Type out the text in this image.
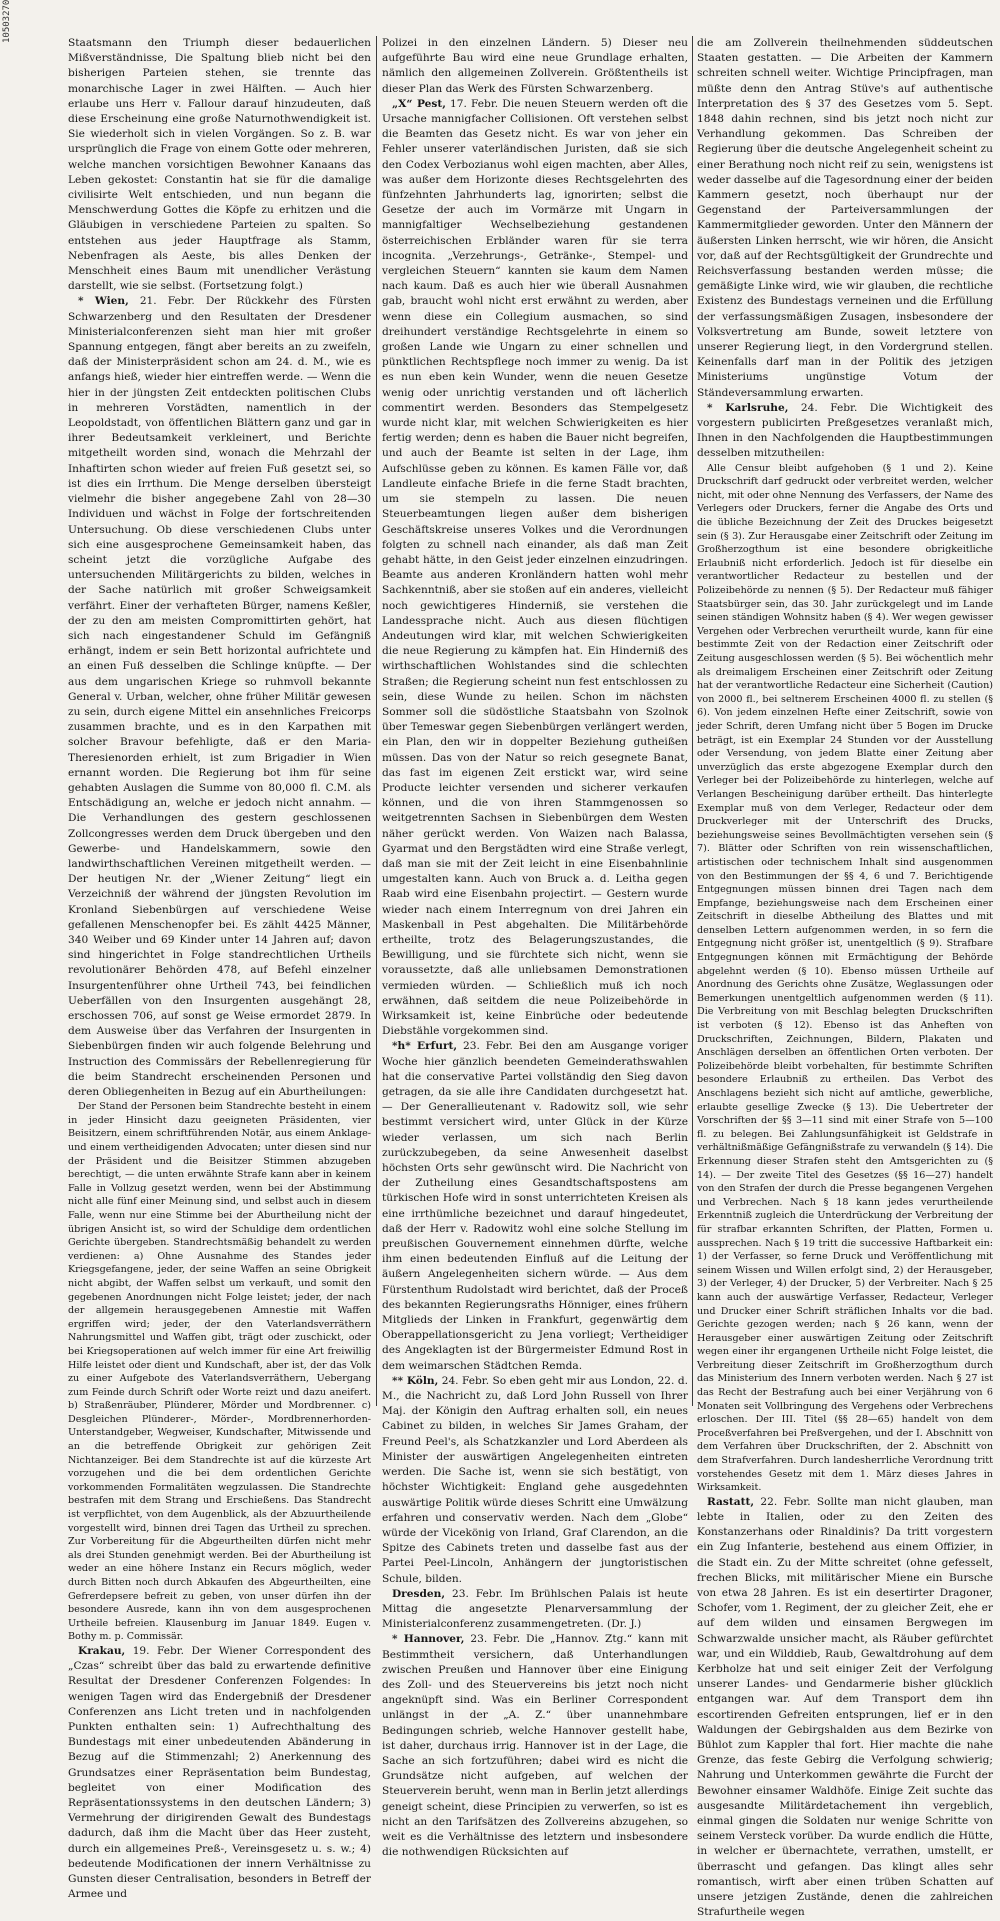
10503270	Staatsmann den Triumph dieser bedauerlichen Mißverständnisse, Die Spaltung blieb nicht bei den bisherigen Parteien stehen, sie trennte das monarchische Lager in zwei Hälften. — Auch hier erlaube uns Herr v. Fallour darauf hinzudeuten, daß diese Erscheinung eine große Naturnothwendigkeit ist. Sie wiederholt sich in vielen Vorgängen. So z. B. war ursprünglich die Frage von einem Gotte oder mehreren, welche manchen vorsichtigen Bewohner Kanaans das Leben gekostet: Constantin hat sie für die damalige civilisirte Welt entschieden, und nun begann die Menschwerdung Gottes die Köpfe zu erhitzen und die Gläubigen in verschiedene Parteien zu spalten. So entstehen aus jeder Hauptfrage als Stamm, Nebenfragen als Aeste, bis alles Denken der Menschheit eines Baum mit unendlicher Verästung darstellt, wie sie selbst. (Fortsetzung folgt.)

* Wien, 21. Febr. Der Rückkehr des Fürsten Schwarzenberg und den Resultaten der Dresdener Ministerialconferenzen sieht man hier mit großer Spannung entgegen, fängt aber bereits an zu zweifeln, daß der Ministerpräsident schon am 24. d. M., wie es anfangs hieß, wieder hier eintreffen werde. — Wenn die hier in der jüngsten Zeit entdeckten politischen Clubs in mehreren Vorstädten, namentlich in der Leopoldstadt, von öffentlichen Blättern ganz und gar in ihrer Bedeutsamkeit verkleinert, und Berichte mitgetheilt worden sind, wonach die Mehrzahl der Inhaftirten schon wieder auf freien Fuß gesetzt sei, so ist dies ein Irrthum. Die Menge derselben übersteigt vielmehr die bisher angegebene Zahl von 28—30 Individuen und wächst in Folge der fortschreitenden Untersuchung. Ob diese verschiedenen Clubs unter sich eine ausgesprochene Gemeinsamkeit haben, das scheint jetzt die vorzügliche Aufgabe des untersuchenden Militärgerichts zu bilden, welches in der Sache natürlich mit großer Schweigsamkeit verfährt. Einer der verhafteten Bürger, namens Keßler, der zu den am meisten Compromittirten gehört, hat sich nach eingestandener Schuld im Gefängniß erhängt, indem er sein Bett horizontal aufrichtete und an einen Fuß desselben die Schlinge knüpfte. — Der aus dem ungarischen Kriege so ruhmvoll bekannte General v. Urban, welcher, ohne früher Militär gewesen zu sein, durch eigene Mittel ein ansehnliches Freicorps zusammen brachte, und es in den Karpathen mit solcher Bravour befehligte, daß er den Maria-Theresienorden erhielt, ist zum Brigadier in Wien ernannt worden. Die Regierung bot ihm für seine gehabten Auslagen die Summe von 80,000 fl. C.M. als Entschädigung an, welche er jedoch nicht annahm. — Die Verhandlungen des gestern geschlossenen Zollcongresses werden dem Druck übergeben und den Gewerbe- und Handelskammern, sowie den landwirthschaftlichen Vereinen mitgetheilt werden. — Der heutigen Nr. der „Wiener Zeitung“ liegt ein Verzeichniß der während der jüngsten Revolution im Kronland Siebenbürgen auf verschiedene Weise gefallenen Menschenopfer bei. Es zählt 4425 Männer, 340 Weiber und 69 Kinder unter 14 Jahren auf; davon sind hingerichtet in Folge standrechtlichen Urtheils revolutionärer Behörden 478, auf Befehl einzelner Insurgentenführer ohne Urtheil 743, bei feindlichen Ueberfällen von den Insurgenten ausgehängt 28, erschossen 706, auf sonst ge Weise ermordet 2879. In dem Ausweise über das Verfahren der Insurgenten in Siebenbürgen finden wir auch folgende Belehrung und Instruction des Commissärs der Rebellenregierung für die beim Standrecht erscheinenden Personen und deren Obliegenheiten in Bezug auf ein Aburtheilungen:

Der Stand der Personen beim Standrechte besteht in einem in jeder Hinsicht dazu geeigneten Präsidenten, vier Beisitzern, einem schriftführenden Notär, aus einem Anklage- und einem vertheidigenden Advocaten; unter diesen sind nur der Präsident und die Beisitzer Stimmen abzugeben berechtigt, — die unten erwähnte Strafe kann aber in keinem Falle in Vollzug gesetzt werden, wenn bei der Abstimmung nicht alle fünf einer Meinung sind, und selbst auch in diesem Falle, wenn nur eine Stimme bei der Aburtheilung nicht der übrigen Ansicht ist, so wird der Schuldige dem ordentlichen Gerichte übergeben. Standrechtsmäßig behandelt zu werden verdienen: a) Ohne Ausnahme des Standes jeder Kriegsgefangene, jeder, der seine Waffen an seine Obrigkeit nicht abgibt, der Waffen selbst um verkauft, und somit den gegebenen Anordnungen nicht Folge leistet; jeder, der nach der allgemein herausgegebenen Amnestie mit Waffen ergriffen wird; jeder, der den Vaterlandsverräthern Nahrungsmittel und Waffen gibt, trägt oder zuschickt, oder bei Kriegsoperationen auf welch immer für eine Art freiwillig Hilfe leistet oder dient und Kundschaft, aber ist, der das Volk zu einer Aufgebote des Vaterlandsverräthern, Uebergang zum Feinde durch Schrift oder Worte reizt und dazu aneifert. b) Straßenräuber, Plünderer, Mörder und Mordbrenner. c) Desgleichen Plünderer-, Mörder-, Mordbrennerhorden-Unterstandgeber, Wegweiser, Kundschafter, Mitwissende und an die betreffende Obrigkeit zur gehörigen Zeit Nichtanzeiger. Bei dem Standrechte ist auf die kürzeste Art vorzugehen und die bei dem ordentlichen Gerichte vorkommenden Formalitäten wegzulassen. Die Standrechte bestrafen mit dem Strang und Erschießens. Das Standrecht ist verpflichtet, von dem Augenblick, als der Abzuurtheilende vorgestellt wird, binnen drei Tagen das Urtheil zu sprechen. Zur Vorbereitung für die Abgeurtheilten dürfen nicht mehr als drei Stunden genehmigt werden. Bei der Aburtheilung ist weder an eine höhere Instanz ein Recurs möglich, weder durch Bitten noch durch Abkaufen des Abgeurtheilten, eine Gefrerdepsere befreit zu geben, von unser dürfen ihn der besondere Ausrede, kann ihn von dem ausgesprochenen Urtheile befreien. Klausenburg im Januar 1849. Eugen v. Bothy m. p. Commissär.

Krakau, 19. Febr. Der Wiener Correspondent des „Czas“ schreibt über das bald zu erwartende definitive Resultat der Dresdener Conferenzen Folgendes: In wenigen Tagen wird das Endergebniß der Dresdener Conferenzen ans Licht treten und in nachfolgenden Punkten enthalten sein: 1) Aufrechthaltung des Bundestags mit einer unbedeutenden Abänderung in Bezug auf die Stimmenzahl; 2) Anerkennung des Grundsatzes einer Repräsentation beim Bundestag, begleitet von einer Modification des Repräsentationssystems in den deutschen Ländern; 3) Vermehrung der dirigirenden Gewalt des Bundestags dadurch, daß ihm die Macht über das Heer zusteht, durch ein allgemeines Preß-, Vereinsgesetz u. s. w.; 4) bedeutende Modificationen der innern Verhältnisse zu Gunsten dieser Centralisation, besonders in Betreff der Armee und

Polizei in den einzelnen Ländern. 5) Dieser neu aufgeführte Bau wird eine neue Grundlage erhalten, nämlich den allgemeinen Zollverein. Größtentheils ist dieser Plan das Werk des Fürsten Schwarzenberg.

„X“ Pest, 17. Febr. Die neuen Steuern werden oft die Ursache mannigfacher Collisionen. Oft verstehen selbst die Beamten das Gesetz nicht. Es war von jeher ein Fehler unserer vaterländischen Juristen, daß sie sich den Codex Verbozianus wohl eigen machten, aber Alles, was außer dem Horizonte dieses Rechtsgelehrten des fünfzehnten Jahrhunderts lag, ignorirten; selbst die Gesetze der auch im Vormärze mit Ungarn in mannigfaltiger Wechselbeziehung gestandenen österreichischen Erbländer waren für sie terra incognita. „Verzehrungs-, Getränke-, Stempel- und vergleichen Steuern“ kannten sie kaum dem Namen nach kaum. Daß es auch hier wie überall Ausnahmen gab, braucht wohl nicht erst erwähnt zu werden, aber wenn diese ein Collegium ausmachen, so sind dreihundert verständige Rechtsgelehrte in einem so großen Lande wie Ungarn zu einer schnellen und pünktlichen Rechtspflege noch immer zu wenig. Da ist es nun eben kein Wunder, wenn die neuen Gesetze wenig oder unrichtig verstanden und oft lächerlich commentirt werden. Besonders das Stempelgesetz wurde nicht klar, mit welchen Schwierigkeiten es hier fertig werden; denn es haben die Bauer nicht begreifen, und auch der Beamte ist selten in der Lage, ihm Aufschlüsse geben zu können. Es kamen Fälle vor, daß Landleute einfache Briefe in die ferne Stadt brachten, um sie stempeln zu lassen. Die neuen Steuerbeamtungen liegen außer dem bisherigen Geschäftskreise unseres Volkes und die Verordnungen folgten zu schnell nach einander, als daß man Zeit gehabt hätte, in den Geist jeder einzelnen einzudringen. Beamte aus anderen Kronländern hatten wohl mehr Sachkenntniß, aber sie stoßen auf ein anderes, vielleicht noch gewichtigeres Hinderniß, sie verstehen die Landessprache nicht. Auch aus diesen flüchtigen Andeutungen wird klar, mit welchen Schwierigkeiten die neue Regierung zu kämpfen hat. Ein Hinderniß des wirthschaftlichen Wohlstandes sind die schlechten Straßen; die Regierung scheint nun fest entschlossen zu sein, diese Wunde zu heilen. Schon im nächsten Sommer soll die südöstliche Staatsbahn von Szolnok über Temeswar gegen Siebenbürgen verlängert werden, ein Plan, den wir in doppelter Beziehung gutheißen müssen. Das von der Natur so reich gesegnete Banat, das fast im eigenen Zeit erstickt war, wird seine Producte leichter versenden und sicherer verkaufen können, und die von ihren Stammgenossen so weitgetrennten Sachsen in Siebenbürgen dem Westen näher gerückt werden. Von Waizen nach Balassa, Gyarmat und den Bergstädten wird eine Straße verlegt, daß man sie mit der Zeit leicht in eine Eisenbahnlinie umgestalten kann. Auch von Bruck a. d. Leitha gegen Raab wird eine Eisenbahn projectirt. — Gestern wurde wieder nach einem Interregnum von drei Jahren ein Maskenball in Pest abgehalten. Die Militärbehörde ertheilte, trotz des Belagerungszustandes, die Bewilligung, und sie fürchtete sich nicht, wenn sie voraussetzte, daß alle unliebsamen Demonstrationen vermieden würden. — Schließlich muß ich noch erwähnen, daß seitdem die neue Polizeibehörde in Wirksamkeit ist, keine Einbrüche oder bedeutende Diebstähle vorgekommen sind.

*h* Erfurt, 23. Febr. Bei den am Ausgange voriger Woche hier gänzlich beendeten Gemeinderathswahlen hat die conservative Partei vollständig den Sieg davon getragen, da sie alle ihre Candidaten durchgesetzt hat. — Der Generallieutenant v. Radowitz soll, wie sehr bestimmt versichert wird, unter Glück in der Kürze wieder verlassen, um sich nach Berlin zurückzubegeben, da seine Anwesenheit daselbst höchsten Orts sehr gewünscht wird. Die Nachricht von der Zutheilung eines Gesandtschaftspostens am türkischen Hofe wird in sonst unterrichteten Kreisen als eine irrthümliche bezeichnet und darauf hingedeutet, daß der Herr v. Radowitz wohl eine solche Stellung im preußischen Gouvernement einnehmen dürfte, welche ihm einen bedeutenden Einfluß auf die Leitung der äußern Angelegenheiten sichern würde. — Aus dem Fürstenthum Rudolstadt wird berichtet, daß der Proceß des bekannten Regierungsraths Hönniger, eines frühern Mitglieds der Linken in Frankfurt, gegenwärtig dem Oberappellationsgericht zu Jena vorliegt; Vertheidiger des Angeklagten ist der Bürgermeister Edmund Rost in dem weimarschen Städtchen Remda.

** Köln, 24. Febr. So eben geht mir aus London, 22. d. M., die Nachricht zu, daß Lord John Russell von Ihrer Maj. der Königin den Auftrag erhalten soll, ein neues Cabinet zu bilden, in welches Sir James Graham, der Freund Peel's, als Schatzkanzler und Lord Aberdeen als Minister der auswärtigen Angelegenheiten eintreten werden. Die Sache ist, wenn sie sich bestätigt, von höchster Wichtigkeit: England gehe ausgedehnten auswärtige Politik würde dieses Schritt eine Umwälzung erfahren und conservativ werden. Nach dem „Globe“ würde der Vicekönig von Irland, Graf Clarendon, an die Spitze des Cabinets treten und dasselbe fast aus der Partei Peel-Lincoln, Anhängern der jungtoristischen Schule, bilden.

Dresden, 23. Febr. Im Brühlschen Palais ist heute Mittag die angesetzte Plenarversammlung der Ministerialconferenz zusammengetreten. (Dr. J.)

* Hannover, 23. Febr. Die „Hannov. Ztg.“ kann mit Bestimmtheit versichern, daß Unterhandlungen zwischen Preußen und Hannover über eine Einigung des Zoll- und des Steuervereins bis jetzt noch nicht angeknüpft sind. Was ein Berliner Correspondent unlängst in der „A. Z.“ über unannehmbare Bedingungen schrieb, welche Hannover gestellt habe, ist daher, durchaus irrig. Hannover ist in der Lage, die Sache an sich fortzuführen; dabei wird es nicht die Grundsätze nicht aufgeben, auf welchen der Steuerverein beruht, wenn man in Berlin jetzt allerdings geneigt scheint, diese Principien zu verwerfen, so ist es nicht an den Tarifsätzen des Zollvereins abzugehen, so weit es die Verhältnisse des letztern und insbesondere die nothwendigen Rücksichten auf

die am Zollverein theilnehmenden süddeutschen Staaten gestatten. — Die Arbeiten der Kammern schreiten schnell weiter. Wichtige Principfragen, man müßte denn den Antrag Stüve's auf authentische Interpretation des § 37 des Gesetzes vom 5. Sept. 1848 dahin rechnen, sind bis jetzt noch nicht zur Verhandlung gekommen. Das Schreiben der Regierung über die deutsche Angelegenheit scheint zu einer Berathung noch nicht reif zu sein, wenigstens ist weder dasselbe auf die Tagesordnung einer der beiden Kammern gesetzt, noch überhaupt nur der Gegenstand der Parteiversammlungen der Kammermitglieder geworden. Unter den Männern der äußersten Linken herrscht, wie wir hören, die Ansicht vor, daß auf der Rechtsgültigkeit der Grundrechte und Reichsverfassung bestanden werden müsse; die gemäßigte Linke wird, wie wir glauben, die rechtliche Existenz des Bundestags verneinen und die Erfüllung der verfassungsmäßigen Zusagen, insbesondere der Volksvertretung am Bunde, soweit letztere von unserer Regierung liegt, in den Vordergrund stellen. Keinenfalls darf man in der Politik des jetzigen Ministeriums ungünstige Votum der Ständeversammlung erwarten.

* Karlsruhe, 24. Febr. Die Wichtigkeit des vorgestern publicirten Preßgesetzes veranlaßt mich, Ihnen in den Nachfolgenden die Hauptbestimmungen desselben mitzutheilen:

Alle Censur bleibt aufgehoben (§ 1 und 2). Keine Druckschrift darf gedruckt oder verbreitet werden, welcher nicht, mit oder ohne Nennung des Verfassers, der Name des Verlegers oder Druckers, ferner die Angabe des Orts und die übliche Bezeichnung der Zeit des Druckes beigesetzt sein (§ 3). Zur Herausgabe einer Zeitschrift oder Zeitung im Großherzogthum ist eine besondere obrigkeitliche Erlaubniß nicht erforderlich. Jedoch ist für dieselbe ein verantwortlicher Redacteur zu bestellen und der Polizeibehörde zu nennen (§ 5). Der Redacteur muß fähiger Staatsbürger sein, das 30. Jahr zurückgelegt und im Lande seinen ständigen Wohnsitz haben (§ 4). Wer wegen gewisser Vergehen oder Verbrechen verurtheilt wurde, kann für eine bestimmte Zeit von der Redaction einer Zeitschrift oder Zeitung ausgeschlossen werden (§ 5). Bei wöchentlich mehr als dreimaligem Erscheinen einer Zeitschrift oder Zeitung hat der verantwortliche Redacteur eine Sicherheit (Caution) von 2000 fl., bei seltnerem Erscheinen 4000 fl. zu stellen (§ 6). Von jedem einzelnen Hefte einer Zeitschrift, sowie von jeder Schrift, deren Umfang nicht über 5 Bogen im Drucke beträgt, ist ein Exemplar 24 Stunden vor der Ausstellung oder Versendung, von jedem Blatte einer Zeitung aber unverzüglich das erste abgezogene Exemplar durch den Verleger bei der Polizeibehörde zu hinterlegen, welche auf Verlangen Bescheinigung darüber ertheilt. Das hinterlegte Exemplar muß von dem Verleger, Redacteur oder dem Druckverleger mit der Unterschrift des Drucks, beziehungsweise seines Bevollmächtigten versehen sein (§ 7). Blätter oder Schriften von rein wissenschaftlichen, artistischen oder technischem Inhalt sind ausgenommen von den Bestimmungen der §§ 4, 6 und 7. Berichtigende Entgegnungen müssen binnen drei Tagen nach dem Empfange, beziehungsweise nach dem Erscheinen einer Zeitschrift in dieselbe Abtheilung des Blattes und mit denselben Lettern aufgenommen werden, in so fern die Entgegnung nicht größer ist, unentgeltlich (§ 9). Strafbare Entgegnungen können mit Ermächtigung der Behörde abgelehnt werden (§ 10). Ebenso müssen Urtheile auf Anordnung des Gerichts ohne Zusätze, Weglassungen oder Bemerkungen unentgeltlich aufgenommen werden (§ 11). Die Verbreitung von mit Beschlag belegten Druckschriften ist verboten (§ 12). Ebenso ist das Anheften von Druckschriften, Zeichnungen, Bildern, Plakaten und Anschlägen derselben an öffentlichen Orten verboten. Der Polizeibehörde bleibt vorbehalten, für bestimmte Schriften besondere Erlaubniß zu ertheilen. Das Verbot des Anschlagens bezieht sich nicht auf amtliche, gewerbliche, erlaubte gesellige Zwecke (§ 13). Die Uebertreter der Vorschriften der §§ 3—11 sind mit einer Strafe von 5—100 fl. zu belegen. Bei Zahlungsunfähigkeit ist Geldstrafe in verhältnißmäßige Gefängnißstrafe zu verwandeln (§ 14). Die Erkennung dieser Strafen steht den Amtsgerichten zu (§ 14). — Der zweite Titel des Gesetzes (§§ 16—27) handelt von den Strafen der durch die Presse begangenen Vergehen und Verbrechen. Nach § 18 kann jedes verurtheilende Erkenntniß zugleich die Unterdrückung der Verbreitung der für strafbar erkannten Schriften, der Platten, Formen u. aussprechen. Nach § 19 tritt die successive Haftbarkeit ein: 1) der Verfasser, so ferne Druck und Veröffentlichung mit seinem Wissen und Willen erfolgt sind, 2) der Herausgeber, 3) der Verleger, 4) der Drucker, 5) der Verbreiter. Nach § 25 kann auch der auswärtige Verfasser, Redacteur, Verleger und Drucker einer Schrift sträflichen Inhalts vor die bad. Gerichte gezogen werden; nach § 26 kann, wenn der Herausgeber einer auswärtigen Zeitung oder Zeitschrift wegen einer ihr ergangenen Urtheile nicht Folge leistet, die Verbreitung dieser Zeitschrift im Großherzogthum durch das Ministerium des Innern verboten werden. Nach § 27 ist das Recht der Bestrafung auch bei einer Verjährung von 6 Monaten seit Vollbringung des Vergehens oder Verbrechens erloschen. Der III. Titel (§§ 28—65) handelt von dem Proceßverfahren bei Preßvergehen, und der I. Abschnitt von dem Verfahren über Druckschriften, der 2. Abschnitt von dem Strafverfahren. Durch landesherrliche Verordnung tritt vorstehendes Gesetz mit dem 1. März dieses Jahres in Wirksamkeit.

Rastatt, 22. Febr. Sollte man nicht glauben, man lebte in Italien, oder zu den Zeiten des Konstanzerhans oder Rinaldinis? Da tritt vorgestern ein Zug Infanterie, bestehend aus einem Offizier, in die Stadt ein. Zu der Mitte schreitet (ohne gefesselt, frechen Blicks, mit militärischer Miene ein Bursche von etwa 28 Jahren. Es ist ein desertirter Dragoner, Schofer, vom 1. Regiment, der zu gleicher Zeit, ehe er auf dem wilden und einsamen Bergwegen im Schwarzwalde unsicher macht, als Räuber gefürchtet war, und ein Wilddieb, Raub, Gewaltdrohung auf dem Kerbholze hat und seit einiger Zeit der Verfolgung unserer Landes- und Gendarmerie bisher glücklich entgangen war. Auf dem Transport dem ihn escortirenden Gefreiten entsprungen, lief er in den Waldungen der Gebirgshalden aus dem Bezirke von Bühlot zum Kappler thal fort. Hier machte die nahe Grenze, das feste Gebirg die Verfolgung schwierig; Nahrung und Unterkommen gewährte die Furcht der Bewohner einsamer Waldhöfe. Einige Zeit suchte das ausgesandte Militärdetachement ihn vergeblich, einmal gingen die Soldaten nur wenige Schritte von seinem Versteck vorüber. Da wurde endlich die Hütte, in welcher er übernachtete, verrathen, umstellt, er überrascht und gefangen. Das klingt alles sehr romantisch, wirft aber einen trüben Schatten auf unsere jetzigen Zustände, denen die zahlreichen Strafurtheile wegen
